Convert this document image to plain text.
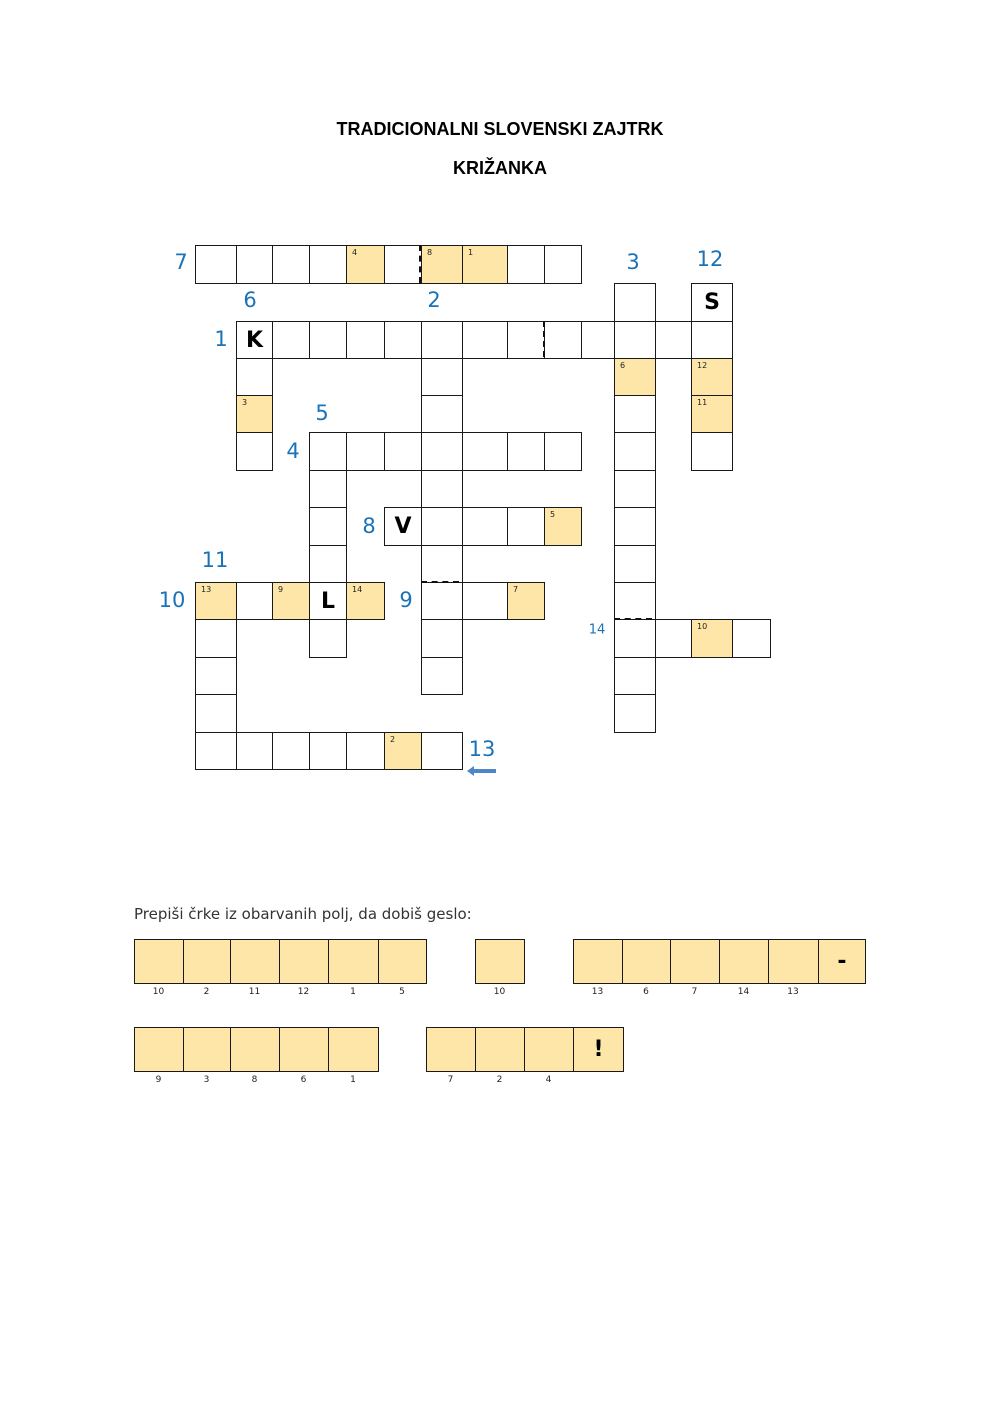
TRADICIONALNI SLOVENSKI ZAJTRK
KRIŽANKA
4	8	1
S
K
6	12
3	11
V	5
13	9	L	14	7
10
2
7
6	2
3	12
1
5
4
8
11
10	9
14
13
Prepiši črke iz obarvanih polj, da dobiš geslo:
10	2	11	12	1	5	10	13	6	7	14	13
-
9	3	8	6	1	7	2	4
!
